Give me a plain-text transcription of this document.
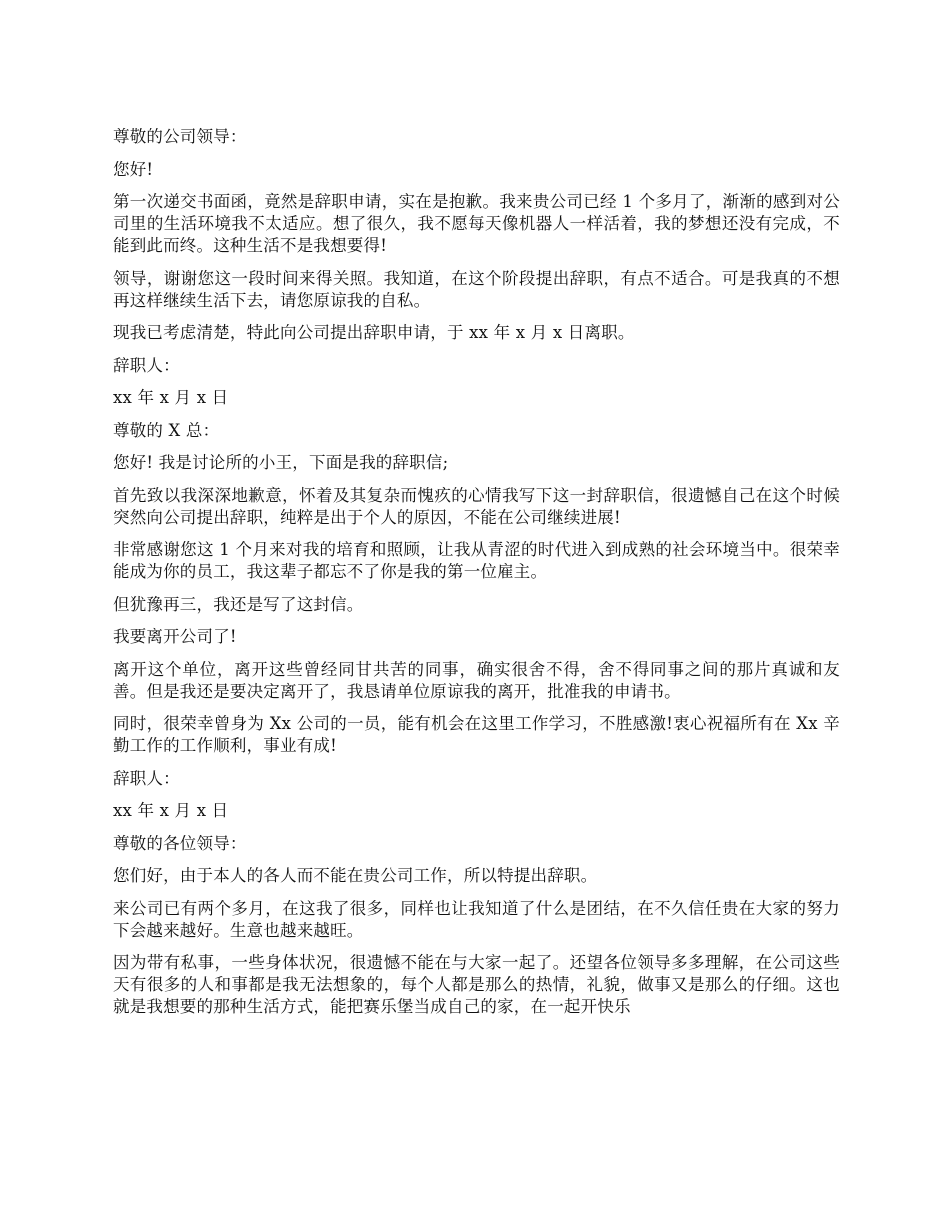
尊敬的公司领导：

您好!

第一次递交书面函，竟然是辞职申请，实在是抱歉。我来贵公司已经 1 个多月了，渐渐的感到对公司里的生活环境我不太适应。想了很久，我不愿每天像机器人一样活着，我的梦想还没有完成，不能到此而终。这种生活不是我想要得!

领导，谢谢您这一段时间来得关照。我知道，在这个阶段提出辞职，有点不适合。可是我真的不想再这样继续生活下去，请您原谅我的自私。

现我已考虑清楚，特此向公司提出辞职申请，于 xx 年 x 月 x 日离职。

辞职人：

xx 年 x 月 x 日

尊敬的 X 总：

您好! 我是讨论所的小王，下面是我的辞职信;

首先致以我深深地歉意，怀着及其复杂而愧疚的心情我写下这一封辞职信，很遗憾自己在这个时候突然向公司提出辞职，纯粹是出于个人的原因，不能在公司继续进展!

非常感谢您这 1 个月来对我的培育和照顾，让我从青涩的时代进入到成熟的社会环境当中。很荣幸能成为你的员工，我这辈子都忘不了你是我的第一位雇主。

但犹豫再三，我还是写了这封信。

我要离开公司了!

离开这个单位，离开这些曾经同甘共苦的同事，确实很舍不得，舍不得同事之间的那片真诚和友善。但是我还是要决定离开了，我恳请单位原谅我的离开，批准我的申请书。

同时，很荣幸曾身为 Xx 公司的一员，能有机会在这里工作学习，不胜感激!衷心祝福所有在 Xx 辛勤工作的工作顺利，事业有成!

辞职人：

xx 年 x 月 x 日

尊敬的各位领导：

您们好，由于本人的各人而不能在贵公司工作，所以特提出辞职。

来公司已有两个多月，在这我了很多，同样也让我知道了什么是团结，在不久信任贵在大家的努力下会越来越好。生意也越来越旺。

因为带有私事，一些身体状况，很遗憾不能在与大家一起了。还望各位领导多多理解，在公司这些天有很多的人和事都是我无法想象的，每个人都是那么的热情，礼貌，做事又是那么的仔细。这也就是我想要的那种生活方式，能把赛乐堡当成自己的家，在一起开快乐
